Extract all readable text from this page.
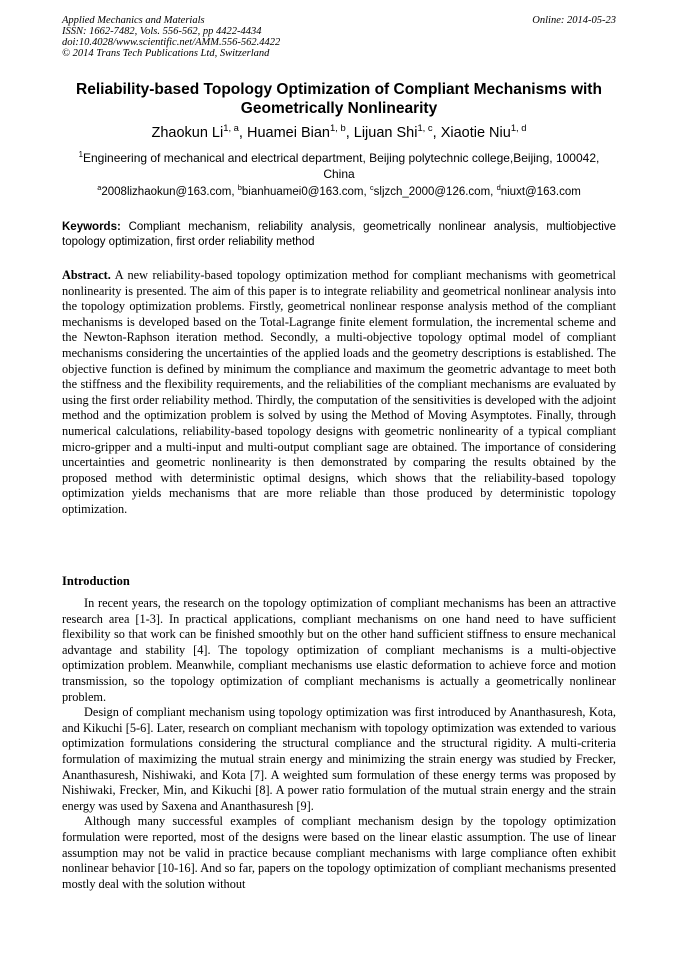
Applied Mechanics and Materials
ISSN: 1662-7482, Vols. 556-562, pp 4422-4434
doi:10.4028/www.scientific.net/AMM.556-562.4422
© 2014 Trans Tech Publications Ltd, Switzerland
Online: 2014-05-23
Reliability-based Topology Optimization of Compliant Mechanisms with Geometrically Nonlinearity
Zhaokun Li$^{1, a}$, Huamei Bian$^{1, b}$, Lijuan Shi$^{1, c}$, Xiaotie Niu$^{1, d}$
$^1$Engineering of mechanical and electrical department, Beijing polytechnic college,Beijing, 100042, China
$^a$2008lizhaokun@163.com, $^b$bianhuamei0@163.com, $^c$sljzch_2000@126.com, $^d$niuxt@163.com
Keywords: Compliant mechanism, reliability analysis, geometrically nonlinear analysis, multiobjective topology optimization, first order reliability method
Abstract. A new reliability-based topology optimization method for compliant mechanisms with geometrical nonlinearity is presented. The aim of this paper is to integrate reliability and geometrical nonlinear analysis into the topology optimization problems. Firstly, geometrical nonlinear response analysis method of the compliant mechanisms is developed based on the Total-Lagrange finite element formulation, the incremental scheme and the Newton-Raphson iteration method. Secondly, a multi-objective topology optimal model of compliant mechanisms considering the uncertainties of the applied loads and the geometry descriptions is established. The objective function is defined by minimum the compliance and maximum the geometric advantage to meet both the stiffness and the flexibility requirements, and the reliabilities of the compliant mechanisms are evaluated by using the first order reliability method. Thirdly, the computation of the sensitivities is developed with the adjoint method and the optimization problem is solved by using the Method of Moving Asymptotes. Finally, through numerical calculations, reliability-based topology designs with geometric nonlinearity of a typical compliant micro-gripper and a multi-input and multi-output compliant sage are obtained. The importance of considering uncertainties and geometric nonlinearity is then demonstrated by comparing the results obtained by the proposed method with deterministic optimal designs, which shows that the reliability-based topology optimization yields mechanisms that are more reliable than those produced by deterministic topology optimization.
Introduction

In recent years, the research on the topology optimization of compliant mechanisms has been an attractive research area [1-3]. In practical applications, compliant mechanisms on one hand need to have sufficient flexibility so that work can be finished smoothly but on the other hand sufficient stiffness to ensure mechanical advantage and stability [4]. The topology optimization of compliant mechanisms is a multi-objective optimization problem. Meanwhile, compliant mechanisms use elastic deformation to achieve force and motion transmission, so the topology optimization of compliant mechanisms is actually a geometrically nonlinear problem.

Design of compliant mechanism using topology optimization was first introduced by Ananthasuresh, Kota, and Kikuchi [5-6]. Later, research on compliant mechanism with topology optimization was extended to various optimization formulations considering the structural compliance and the structural rigidity. A multi-criteria formulation of maximizing the mutual strain energy and minimizing the strain energy was studied by Frecker, Ananthasuresh, Nishiwaki, and Kota [7]. A weighted sum formulation of these energy terms was proposed by Nishiwaki, Frecker, Min, and Kikuchi [8]. A power ratio formulation of the mutual strain energy and the strain energy was used by Saxena and Ananthasuresh [9].

Although many successful examples of compliant mechanism design by the topology optimization formulation were reported, most of the designs were based on the linear elastic assumption. The use of linear assumption may not be valid in practice because compliant mechanisms with large compliance often exhibit nonlinear behavior [10-16]. And so far, papers on the topology optimization of compliant mechanisms presented mostly deal with the solution without
